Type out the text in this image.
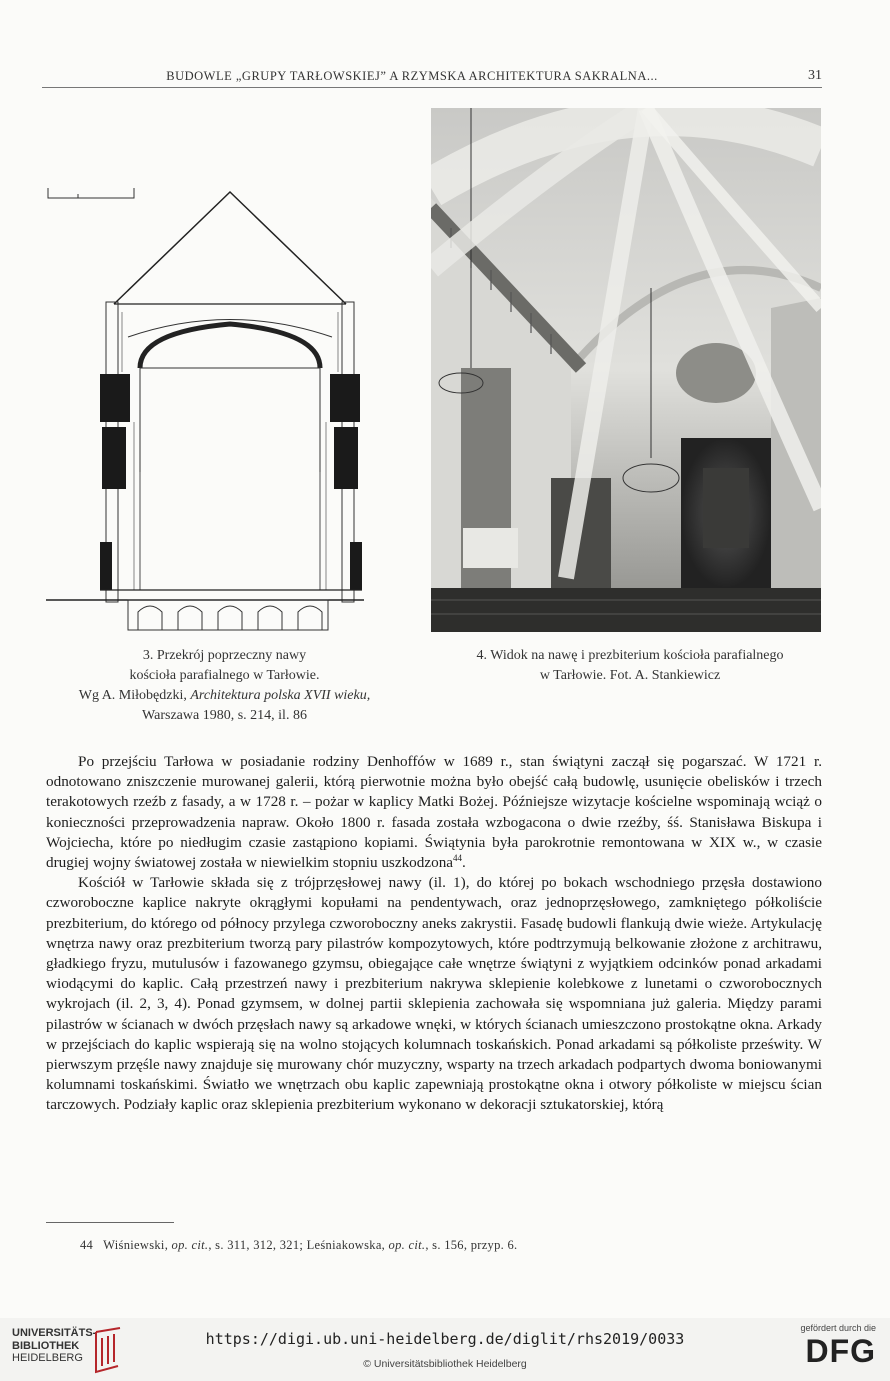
BUDOWLE „GRUPY TARŁOWSKIEJ” A RZYMSKA ARCHITEKTURA SAKRALNA...	31
3. Przekrój poprzeczny nawy
kościoła parafialnego w Tarłowie.
Wg A. Miłobędzki, Architektura polska XVII wieku,
Warszawa 1980, s. 214, il. 86
4. Widok na nawę i prezbiterium kościoła parafialnego
w Tarłowie. Fot. A. Stankiewicz

Po przejściu Tarłowa w posiadanie rodziny Denhoffów w 1689 r., stan świątyni zaczął się pogarszać. W 1721 r. odnotowano zniszczenie murowanej galerii, którą pierwotnie można było obejść całą budowlę, usunięcie obelisków i trzech terakotowych rzeźb z fasady, a w 1728 r. – pożar w kaplicy Matki Bożej. Późniejsze wizytacje kościelne wspominają wciąż o konieczności przeprowadzenia napraw. Około 1800 r. fasada została wzbogacona o dwie rzeźby, śś. Stanisława Biskupa i Wojciecha, które po niedługim czasie zastąpiono kopiami. Świątynia była parokrotnie remontowana w XIX w., w czasie drugiej wojny światowej została w niewielkim stopniu uszkodzona$^{44}$.

Kościół w Tarłowie składa się z trójprzęsłowej nawy (il. 1), do której po bokach wschodniego przęsła dostawiono czworoboczne kaplice nakryte okrągłymi kopułami na pendentywach, oraz jednoprzęsłowego, zamkniętego półkoliście prezbiterium, do którego od północy przylega czworoboczny aneks zakrystii. Fasadę budowli flankują dwie wieże. Artykulację wnętrza nawy oraz prezbiterium tworzą pary pilastrów kompozytowych, które podtrzymują belkowanie złożone z architrawu, gładkiego fryzu, mutulusów i fazowanego gzymsu, obiegające całe wnętrze świątyni z wyjątkiem odcinków ponad arkadami wiodącymi do kaplic. Całą przestrzeń nawy i prezbiterium nakrywa sklepienie kolebkowe z lunetami o czworobocznych wykrojach (il. 2, 3, 4). Ponad gzymsem, w dolnej partii sklepienia zachowała się wspomniana już galeria. Między parami pilastrów w ścianach w dwóch przęsłach nawy są arkadowe wnęki, w których ścianach umieszczono prostokątne okna. Arkady w przejściach do kaplic wspierają się na wolno stojących kolumnach toskańskich. Ponad arkadami są półkoliste prześwity. W pierwszym przęśle nawy znajduje się murowany chór muzyczny, wsparty na trzech arkadach podpartych dwoma boniowanymi kolumnami toskańskimi. Światło we wnętrzach obu kaplic zapewniają prostokątne okna i otwory półkoliste w miejscu ścian tarczowych. Podziały kaplic oraz sklepienia prezbiterium wykonano w dekoracji sztukatorskiej, którą

44 Wiśniewski, op. cit., s. 311, 312, 321; Leśniakowska, op. cit., s. 156, przyp. 6.
UNIVERSITÄTS-
BIBLIOTHEK
HEIDELBERG
https://digi.ub.uni-heidelberg.de/diglit/rhs2019/0033
© Universitätsbibliothek Heidelberg
gefördert durch die
DFG
